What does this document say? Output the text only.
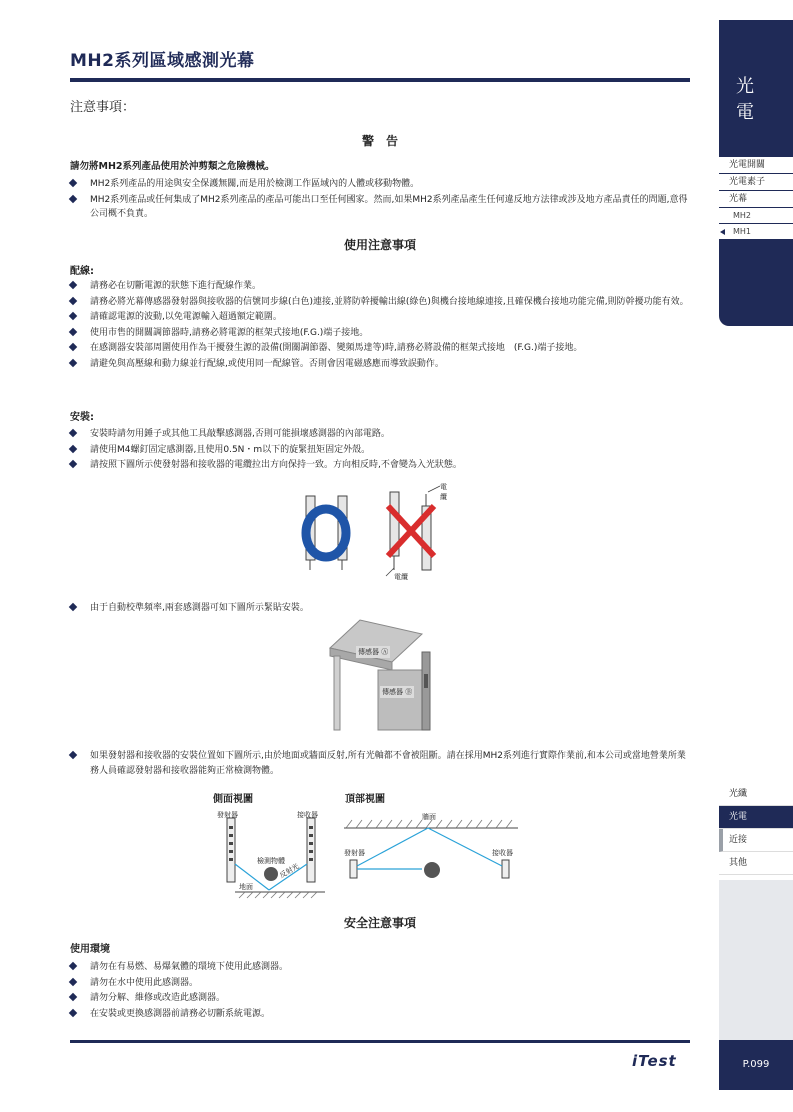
MH2系列區域感測光幕
注意事項：
警　告
請勿將MH2系列產品使用於沖剪類之危險機械。
MH2系列產品的用途與安全保護無關,而是用於檢測工作區域內的人體或移動物體。
MH2系列產品或任何集成了MH2系列產品的產品可能出口至任何國家。然而,如果MH2系列產品產生任何違反地方法律或涉及地方產品責任的問題,意得公司概不負責。
使用注意事項
配線:
請務必在切斷電源的狀態下進行配線作業。
請務必將光幕傳感器發射器與接收器的信號同步線(白色)連接,並將防幹擾輸出線(綠色)與機台接地線連接,且確保機台接地功能完備,則防幹擾功能有效。
請確認電源的波動,以免電源輸入超過額定範圍。
使用市售的開關調節器時,請務必將電源的框架式接地(F.G.)端子接地。
在感測器安裝部周圍使用作為干擾發生源的設備(開關調節器、變頻馬達等)時,請務必將設備的框架式接地　(F.G.)端子接地。
請避免與高壓線和動力線並行配線,或使用同一配線管。否則會因電磁感應而導致誤動作。
安裝:
安裝時請勿用錘子或其他工具敲擊感測器,否則可能損壞感測器的內部電路。
請使用M4螺釘固定感測器,且使用0.5N・m以下的旋緊扭矩固定外殼。
請按照下圖所示使發射器和接收器的電纜拉出方向保持一致。方向相反時,不會變為入光狀態。
電纜
電纜
由于自動校準頻率,兩套感測器可如下圖所示緊貼安裝。
傳感器 Ⓐ
傳感器 Ⓑ
如果發射器和接收器的安裝位置如下圖所示,由於地面或牆面反射,所有光軸都不會被阻斷。請在採用MH2系列進行實際作業前,和本公司或當地營業所業務人員確認發射器和接收器能夠正常檢測物體。
側面視圖
發射器	接收器
檢測物體
反射光
地面
頂部視圖
牆面
發射器	接收器
安全注意事項
使用環境
請勿在有易燃、易爆氣體的環境下使用此感測器。
請勿在水中使用此感測器。
請勿分解、維修或改造此感測器。
在安裝或更換感測器前請務必切斷系統電源。
iTest
光
電
光電開關
光電素子
光幕
MH2
MH1
光纖
光電
近接
其他
P.099
